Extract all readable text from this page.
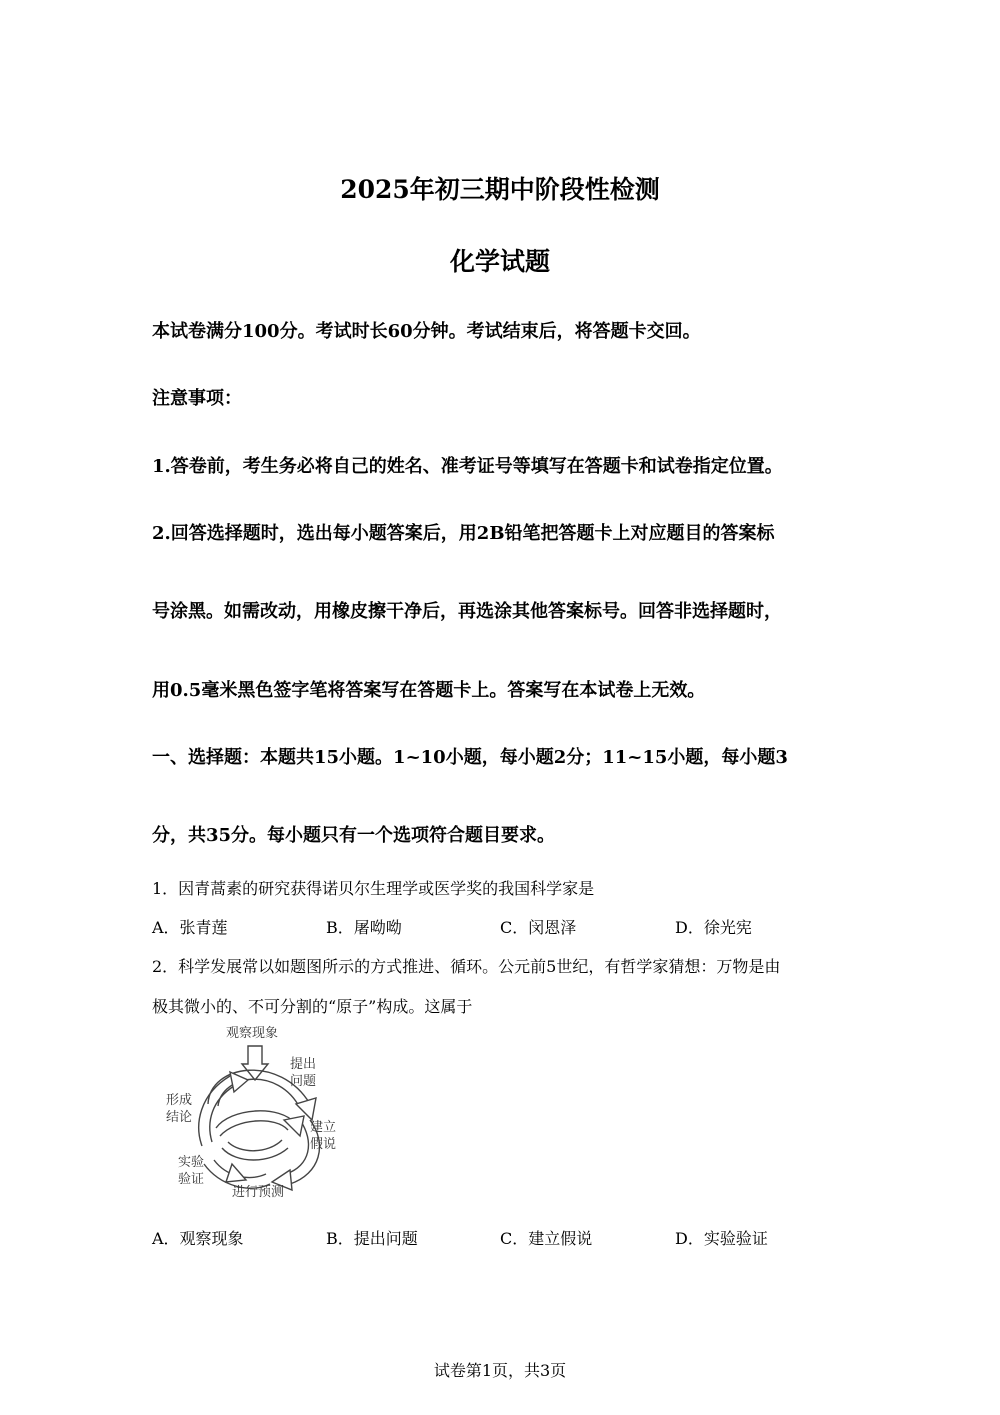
2025年初三期中阶段性检测
化学试题
本试卷满分100分。考试时长60分钟。考试结束后，将答题卡交回。
注意事项：
1.答卷前，考生务必将自己的姓名、准考证号等填写在答题卡和试卷指定位置。
2.回答选择题时，选出每小题答案后，用2B铅笔把答题卡上对应题目的答案标
号涂黑。如需改动，用橡皮擦干净后，再选涂其他答案标号。回答非选择题时，
用0.5毫米黑色签字笔将答案写在答题卡上。答案写在本试卷上无效。
一、选择题：本题共15小题。1~10小题，每小题2分；11~15小题，每小题3
分，共35分。每小题只有一个选项符合题目要求。
1．因青蒿素的研究获得诺贝尔生理学或医学奖的我国科学家是
A．张青莲	B．屠呦呦	C．闵恩泽	D．徐光宪
2．科学发展常以如题图所示的方式推进、循环。公元前5世纪，有哲学家猜想：万物是由
极其微小的、不可分割的“原子”构成。这属于
观察现象
提出
问题
建立
假说
进行预测
实验
验证
形成
结论
A．观察现象	B．提出问题	C．建立假说	D．实验验证
试卷第1页，共3页
